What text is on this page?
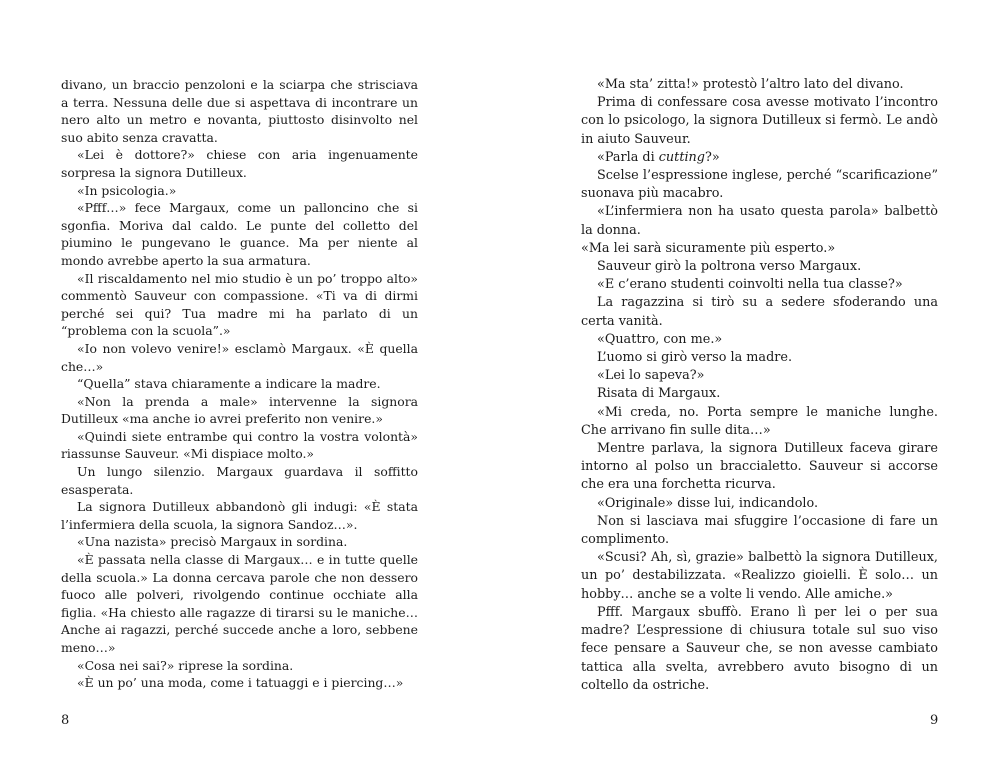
divano, un braccio penzoloni e la sciarpa che strisciava a terra. Nessuna delle due si aspettava di incontrare un nero alto un metro e novanta, piuttosto disinvolto nel suo abito senza cravatta.

«Lei è dottore?» chiese con aria ingenuamente sorpresa la signora Dutilleux.

«In psicologia.»

«Pfff…» fece Margaux, come un palloncino che si sgonfia. Moriva dal caldo. Le punte del colletto del piumino le pungevano le guance. Ma per niente al mondo avrebbe aperto la sua armatura.

«Il riscaldamento nel mio studio è un po’ troppo alto» commentò Sauveur con compassione. «Ti va di dirmi perché sei qui? Tua madre mi ha parlato di un “problema con la scuola”.»

«Io non volevo venire!» esclamò Margaux. «È quella che…»

“Quella” stava chiaramente a indicare la madre.

«Non la prenda a male» intervenne la signora Dutilleux «ma anche io avrei preferito non venire.»

«Quindi siete entrambe qui contro la vostra volontà» riassunse Sauveur. «Mi dispiace molto.»

Un lungo silenzio. Margaux guardava il soffitto esasperata.

La signora Dutilleux abbandonò gli indugi: «È stata l’infermiera della scuola, la signora Sandoz…».

«Una nazista» precisò Margaux in sordina.

«È passata nella classe di Margaux… e in tutte quelle della scuola.» La donna cercava parole che non dessero fuoco alle polveri, rivolgendo continue occhiate alla figlia. «Ha chiesto alle ragazze di tirarsi su le maniche… Anche ai ragazzi, perché succede anche a loro, sebbene meno…»

«Cosa nei sai?» riprese la sordina.

«È un po’ una moda, come i tatuaggi e i piercing…»

«Ma sta’ zitta!» protestò l’altro lato del divano.

Prima di confessare cosa avesse motivato l’incontro con lo psicologo, la signora Dutilleux si fermò. Le andò in aiuto Sauveur.

«Parla di cutting?»

Scelse l’espressione inglese, perché “scarificazione” suonava più macabro.

«L’infermiera non ha usato questa parola» balbettò la donna.

«Ma lei sarà sicuramente più esperto.»

Sauveur girò la poltrona verso Margaux.

«E c’erano studenti coinvolti nella tua classe?»

La ragazzina si tirò su a sedere sfoderando una certa vanità.

«Quattro, con me.»

L’uomo si girò verso la madre.

«Lei lo sapeva?»

Risata di Margaux.

«Mi creda, no. Porta sempre le maniche lunghe. Che arrivano fin sulle dita…»

Mentre parlava, la signora Dutilleux faceva girare intorno al polso un braccialetto. Sauveur si accorse che era una forchetta ricurva.

«Originale» disse lui, indicandolo.

Non si lasciava mai sfuggire l’occasione di fare un complimento.

«Scusi? Ah, sì, grazie» balbettò la signora Dutilleux, un po’ destabilizzata. «Realizzo gioielli. È solo… un hobby… anche se a volte li vendo. Alle amiche.»

Pfff. Margaux sbuffò. Erano lì per lei o per sua madre? L’espressione di chiusura totale sul suo viso fece pensare a Sauveur che, se non avesse cambiato tattica alla svelta, avrebbero avuto bisogno di un coltello da ostriche.

8	9
